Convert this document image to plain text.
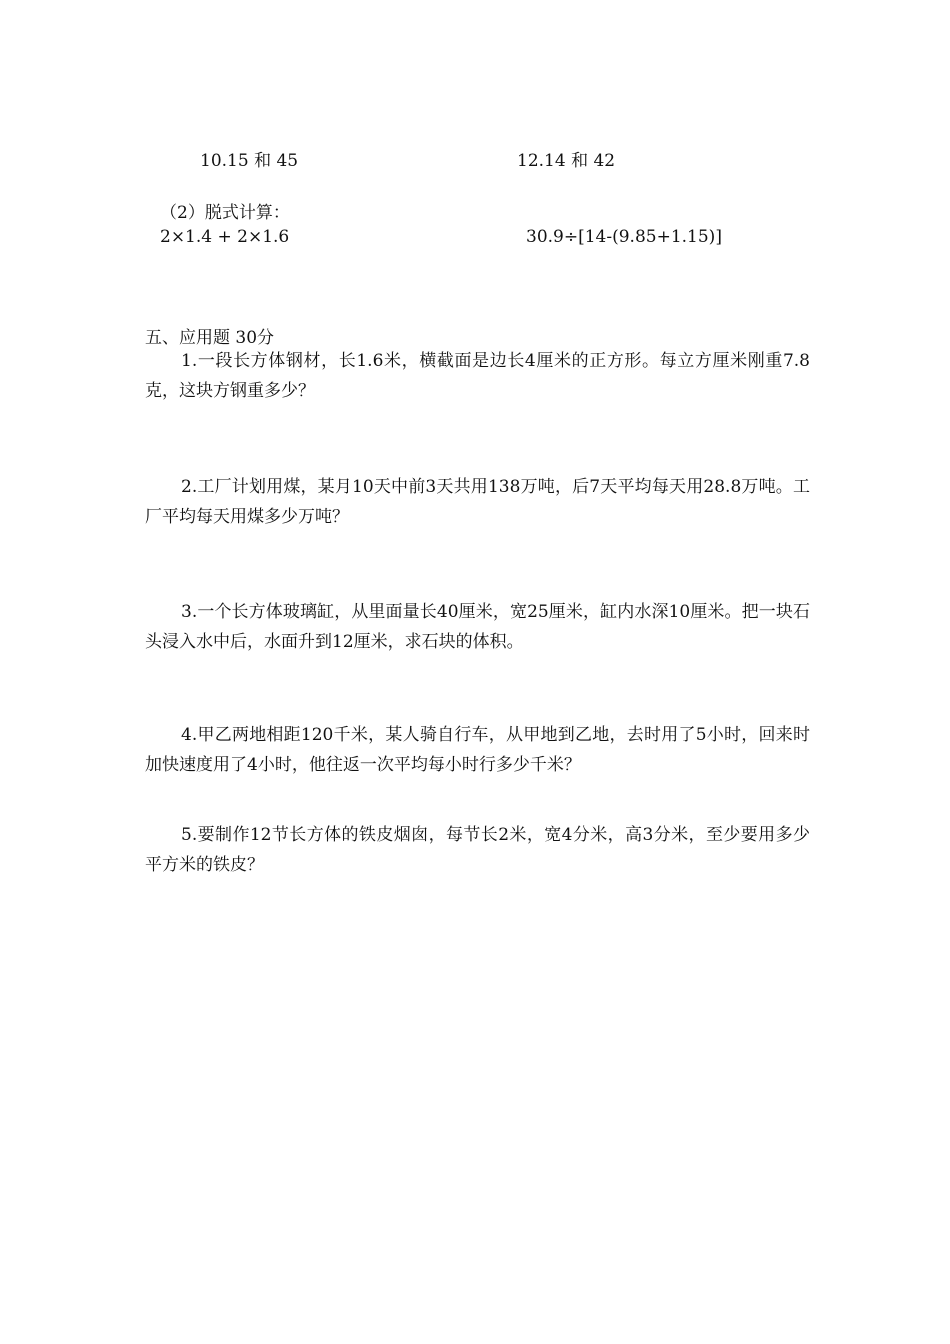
10.15 和 45	12.14 和 42
（2）脱式计算：
2×1.4 + 2×1.6	30.9÷[14-(9.85+1.15)]
五、应用题 30分
1.一段长方体钢材，长1.6米，横截面是边长4厘米的正方形。每立方厘米刚重7.8克，这块方钢重多少？
2.工厂计划用煤，某月10天中前3天共用138万吨，后7天平均每天用28.8万吨。工厂平均每天用煤多少万吨？
3.一个长方体玻璃缸，从里面量长40厘米，宽25厘米，缸内水深10厘米。把一块石头浸入水中后，水面升到12厘米，求石块的体积。
4.甲乙两地相距120千米，某人骑自行车，从甲地到乙地，去时用了5小时，回来时加快速度用了4小时，他往返一次平均每小时行多少千米？
5.要制作12节长方体的铁皮烟囱，每节长2米，宽4分米，高3分米，至少要用多少平方米的铁皮？
